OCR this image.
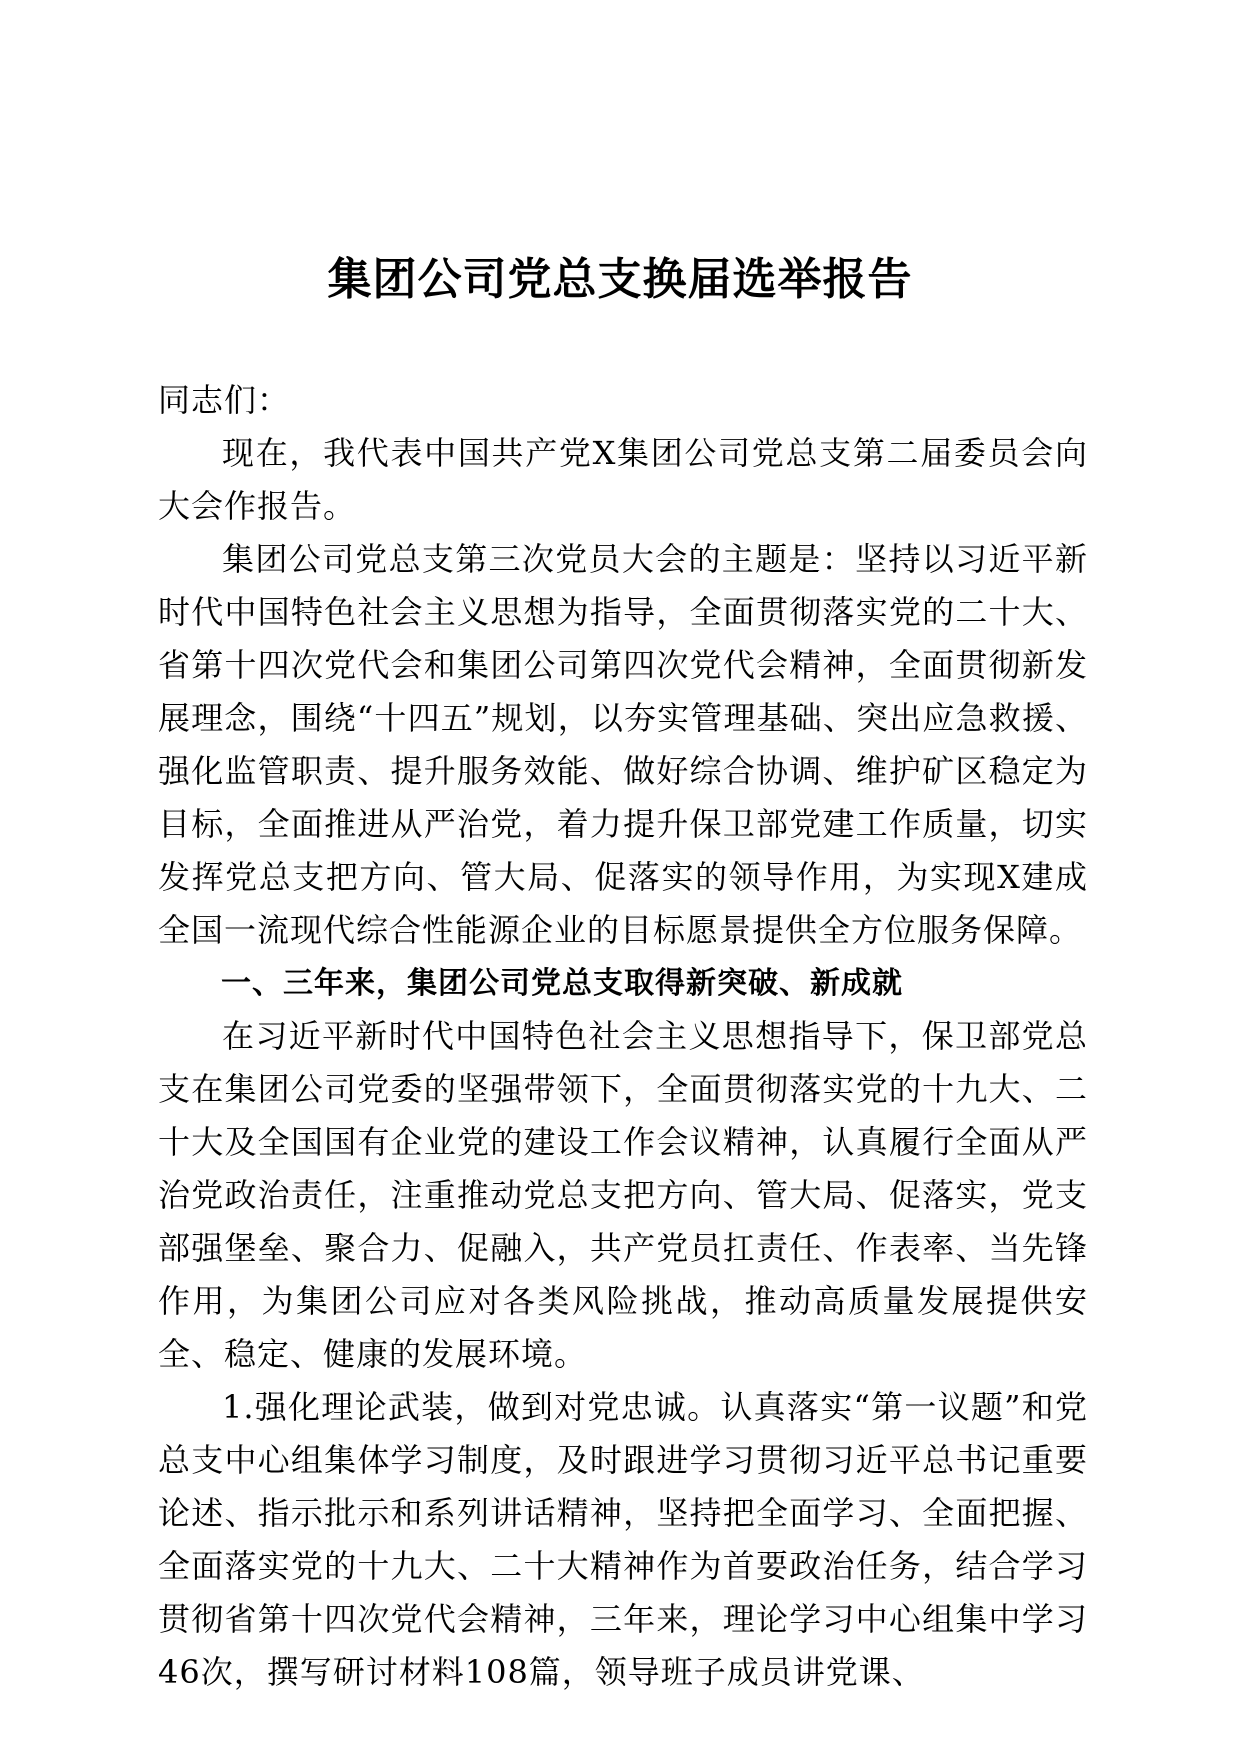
集团公司党总支换届选举报告

同志们：

现在，我代表中国共产党X集团公司党总支第二届委员会向大会作报告。

集团公司党总支第三次党员大会的主题是：坚持以习近平新时代中国特色社会主义思想为指导，全面贯彻落实党的二十大、省第十四次党代会和集团公司第四次党代会精神，全面贯彻新发展理念，围绕“十四五”规划，以夯实管理基础、突出应急救援、强化监管职责、提升服务效能、做好综合协调、维护矿区稳定为目标，全面推进从严治党，着力提升保卫部党建工作质量，切实发挥党总支把方向、管大局、促落实的领导作用，为实现X建成全国一流现代综合性能源企业的目标愿景提供全方位服务保障。

一、三年来，集团公司党总支取得新突破、新成就

在习近平新时代中国特色社会主义思想指导下，保卫部党总支在集团公司党委的坚强带领下，全面贯彻落实党的十九大、二十大及全国国有企业党的建设工作会议精神，认真履行全面从严治党政治责任，注重推动党总支把方向、管大局、促落实，党支部强堡垒、聚合力、促融入，共产党员扛责任、作表率、当先锋作用，为集团公司应对各类风险挑战，推动高质量发展提供安全、稳定、健康的发展环境。

1.强化理论武装，做到对党忠诚。认真落实“第一议题”和党总支中心组集体学习制度，及时跟进学习贯彻习近平总书记重要论述、指示批示和系列讲话精神，坚持把全面学习、全面把握、全面落实党的十九大、二十大精神作为首要政治任务，结合学习贯彻省第十四次党代会精神，三年来，理论学习中心组集中学习46次，撰写研讨材料108篇，领导班子成员讲党课、
